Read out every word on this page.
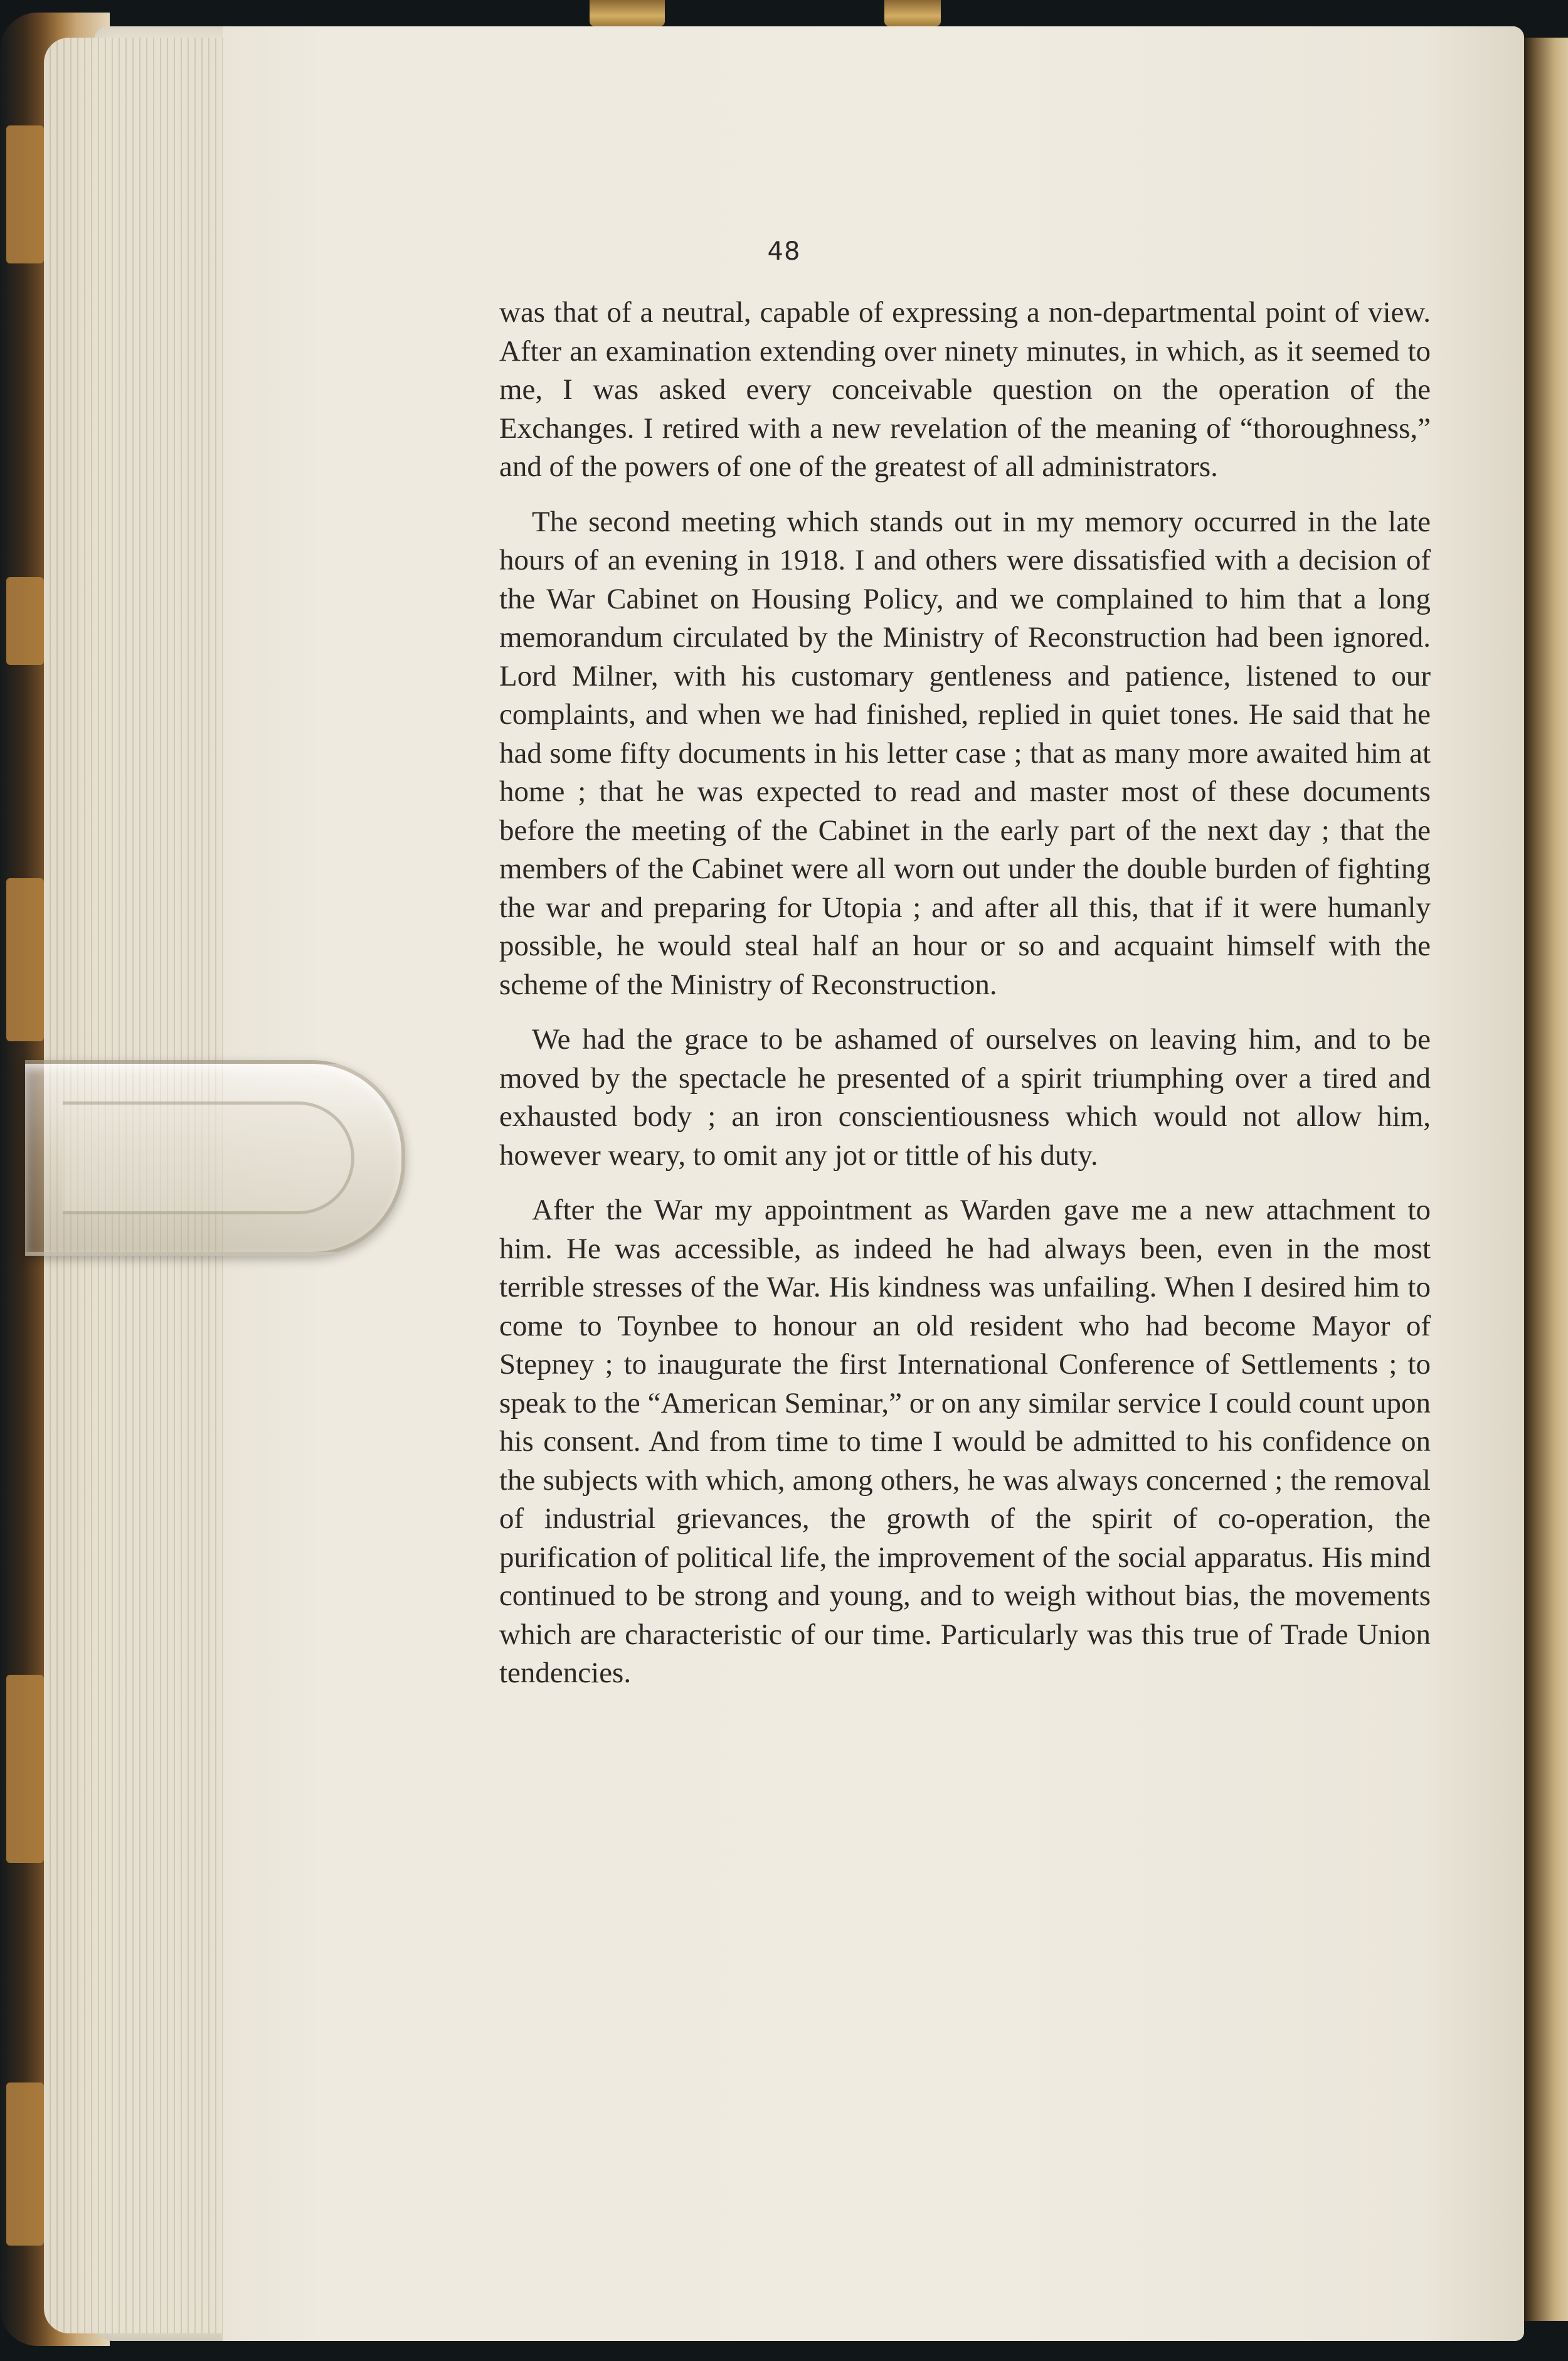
48

was that of a neutral, capable of expressing a non-departmental point of view. After an examination extending over ninety minutes, in which, as it seemed to me, I was asked every conceivable question on the operation of the Exchanges. I retired with a new revelation of the meaning of “thoroughness,” and of the powers of one of the greatest of all administrators.

The second meeting which stands out in my memory occurred in the late hours of an evening in 1918. I and others were dissatisfied with a decision of the War Cabinet on Housing Policy, and we complained to him that a long memorandum circulated by the Ministry of Reconstruction had been ignored. Lord Milner, with his customary gentleness and patience, listened to our complaints, and when we had finished, replied in quiet tones. He said that he had some fifty documents in his letter case ; that as many more awaited him at home ; that he was expected to read and master most of these documents before the meeting of the Cabinet in the early part of the next day ; that the members of the Cabinet were all worn out under the double burden of fighting the war and preparing for Utopia ; and after all this, that if it were humanly possible, he would steal half an hour or so and acquaint himself with the scheme of the Ministry of Reconstruction.

We had the grace to be ashamed of ourselves on leaving him, and to be moved by the spectacle he presented of a spirit triumphing over a tired and exhausted body ; an iron conscientiousness which would not allow him, however weary, to omit any jot or tittle of his duty.

After the War my appointment as Warden gave me a new attachment to him. He was accessible, as indeed he had always been, even in the most terrible stresses of the War. His kindness was unfailing. When I desired him to come to Toynbee to honour an old resident who had become Mayor of Stepney ; to inaugurate the first International Conference of Settlements ; to speak to the “American Seminar,” or on any similar service I could count upon his consent. And from time to time I would be admitted to his confidence on the subjects with which, among others, he was always concerned ; the removal of industrial grievances, the growth of the spirit of co-operation, the purification of political life, the improvement of the social apparatus. His mind continued to be strong and young, and to weigh without bias, the movements which are characteristic of our time. Particularly was this true of Trade Union tendencies.
